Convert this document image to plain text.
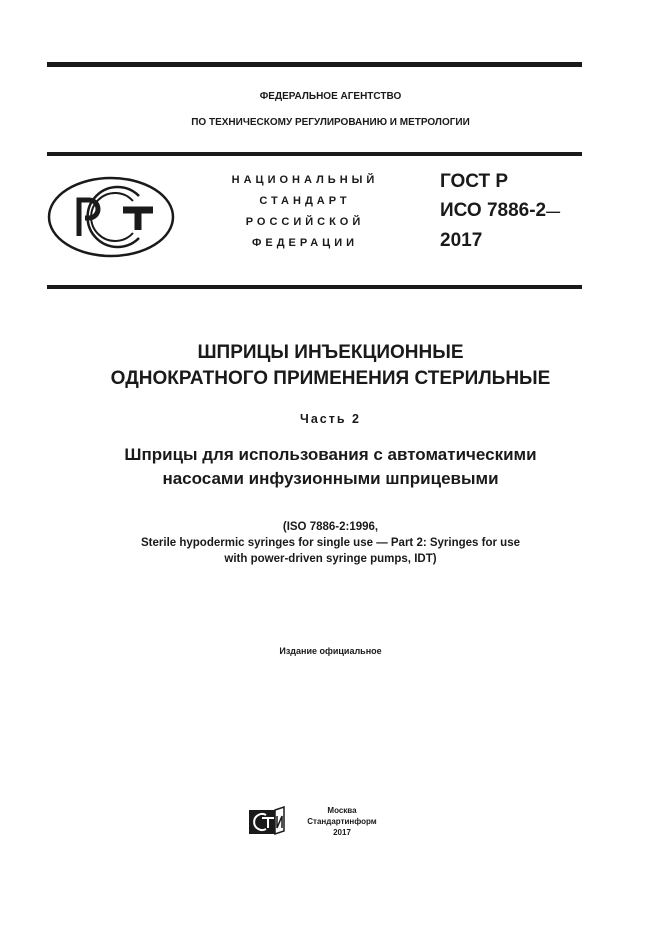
ФЕДЕРАЛЬНОЕ АГЕНТСТВО
ПО ТЕХНИЧЕСКОМУ РЕГУЛИРОВАНИЮ И МЕТРОЛОГИИ
НАЦИОНАЛЬНЫЙ
СТАНДАРТ
РОССИЙСКОЙ
ФЕДЕРАЦИИ
ГОСТ Р
ИСО 7886-2—
2017
ШПРИЦЫ ИНЪЕКЦИОННЫЕ
ОДНОКРАТНОГО ПРИМЕНЕНИЯ СТЕРИЛЬНЫЕ
Часть 2
Шприцы для использования с автоматическими
насосами инфузионными шприцевыми
(ISO 7886-2:1996,
Sterile hypodermic syringes for single use — Part 2: Syringes for use
with power-driven syringe pumps, IDT)
Издание официальное
Москва
Стандартинформ
2017
